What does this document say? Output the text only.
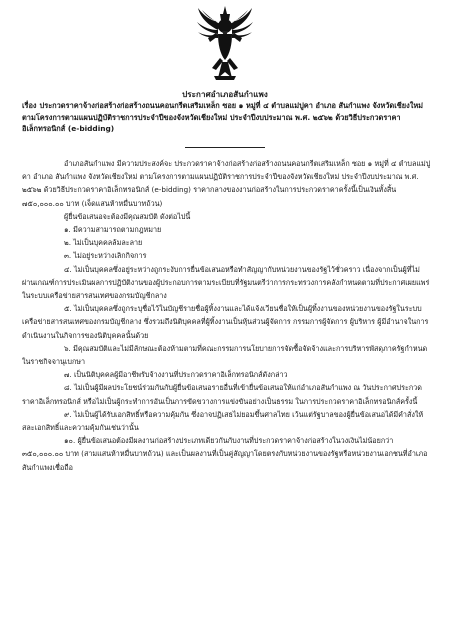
ประกาศอำเภอสันกำแพง
เรื่อง ประกวดราคาจ้างก่อสร้างก่อสร้างถนนคอนกรีตเสริมเหล็ก ซอย ๑ หมู่ที่ ๔ ตำบลแม่ปูคา อำเภอ สันกำแพง จังหวัดเชียงใหม่ ตามโครงการตามแผนปฏิบัติราชการประจำปีของจังหวัดเชียงใหม่ ประจำปีงบประมาณ พ.ศ. ๒๕๖๒ ด้วยวิธีประกวดราคาอิเล็กทรอนิกส์ (e-bidding)

อำเภอสันกำแพง มีความประสงค์จะ ประกวดราคาจ้างก่อสร้างก่อสร้างถนนคอนกรีตเสริมเหล็ก ซอย ๑ หมู่ที่ ๔ ตำบลแม่ปูคา อำเภอ สันกำแพง จังหวัดเชียงใหม่ ตามโครงการตามแผนปฏิบัติราชการประจำปีของจังหวัดเชียงใหม่ ประจำปีงบประมาณ พ.ศ. ๒๕๖๒ ด้วยวิธีประกวดราคาอิเล็กทรอนิกส์ (e-bidding) ราคากลางของงานก่อสร้างในการประกวดราคาครั้งนี้เป็นเงินทั้งสิ้น ๗๕๐,๐๐๐.๐๐ บาท (เจ็ดแสนห้าหมื่นบาทถ้วน)

ผู้ยื่นข้อเสนอจะต้องมีคุณสมบัติ ดังต่อไปนี้

๑. มีความสามารถตามกฎหมาย

๒. ไม่เป็นบุคคลล้มละลาย

๓. ไม่อยู่ระหว่างเลิกกิจการ

๔. ไม่เป็นบุคคลซึ่งอยู่ระหว่างถูกระงับการยื่นข้อเสนอหรือทำสัญญากับหน่วยงานของรัฐไว้ชั่วคราว เนื่องจากเป็นผู้ที่ไม่ผ่านเกณฑ์การประเมินผลการปฏิบัติงานของผู้ประกอบการตามระเบียบที่รัฐมนตรีว่าการกระทรวงการคลังกำหนดตามที่ประกาศเผยแพร่ในระบบเครือข่ายสารสนเทศของกรมบัญชีกลาง

๕. ไม่เป็นบุคคลซึ่งถูกระบุชื่อไว้ในบัญชีรายชื่อผู้ทิ้งงานและได้แจ้งเวียนชื่อให้เป็นผู้ทิ้งงานของหน่วยงานของรัฐในระบบเครือข่ายสารสนเทศของกรมบัญชีกลาง ซึ่งรวมถึงนิติบุคคลที่ผู้ทิ้งงานเป็นหุ้นส่วนผู้จัดการ กรรมการผู้จัดการ ผู้บริหาร ผู้มีอำนาจในการดำเนินงานในกิจการของนิติบุคคลนั้นด้วย

๖. มีคุณสมบัติและไม่มีลักษณะต้องห้ามตามที่คณะกรรมการนโยบายการจัดซื้อจัดจ้างและการบริหารพัสดุภาครัฐกำหนดในราชกิจจานุเบกษา

๗. เป็นนิติบุคคลผู้มีอาชีพรับจ้างงานที่ประกวดราคาอิเล็กทรอนิกส์ดังกล่าว

๘. ไม่เป็นผู้มีผลประโยชน์ร่วมกันกับผู้ยื่นข้อเสนอรายอื่นที่เข้ายื่นข้อเสนอให้แก่อำเภอสันกำแพง ณ วันประกาศประกวดราคาอิเล็กทรอนิกส์ หรือไม่เป็นผู้กระทำการอันเป็นการขัดขวางการแข่งขันอย่างเป็นธรรม ในการประกวดราคาอิเล็กทรอนิกส์ครั้งนี้

๙. ไม่เป็นผู้ได้รับเอกสิทธิ์หรือความคุ้มกัน ซึ่งอาจปฏิเสธไม่ยอมขึ้นศาลไทย เว้นแต่รัฐบาลของผู้ยื่นข้อเสนอได้มีคำสั่งให้สละเอกสิทธิ์และความคุ้มกันเช่นว่านั้น

๑๐. ผู้ยื่นข้อเสนอต้องมีผลงานก่อสร้างประเภทเดียวกันกับงานที่ประกวดราคาจ้างก่อสร้างในวงเงินไม่น้อยกว่า ๓๕๐,๐๐๐.๐๐ บาท (สามแสนห้าหมื่นบาทถ้วน) และเป็นผลงานที่เป็นคู่สัญญาโดยตรงกับหน่วยงานของรัฐหรือหน่วยงานเอกชนที่อำเภอสันกำแพงเชื่อถือ
